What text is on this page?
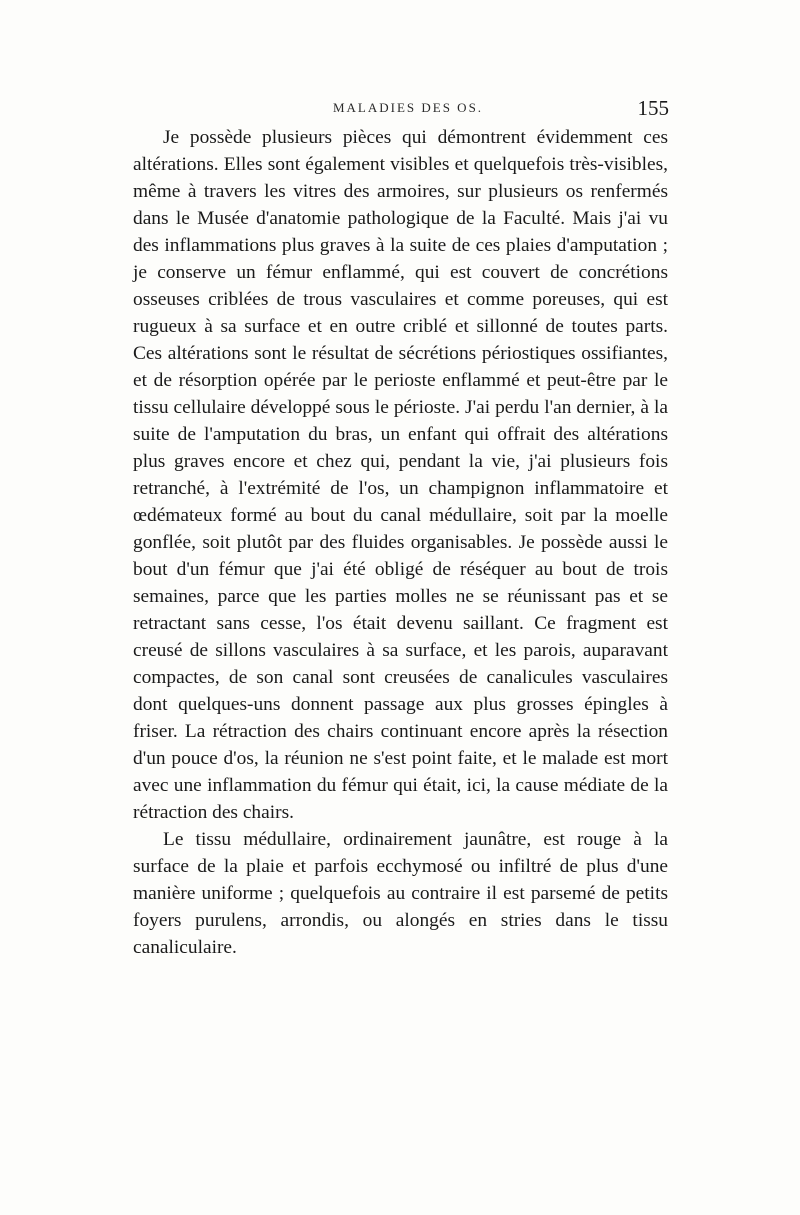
MALADIES DES OS.	155

Je possède plusieurs pièces qui démontrent évidemment ces altérations. Elles sont également visibles et quelquefois très-visibles, même à travers les vitres des armoires, sur plusieurs os renfermés dans le Musée d'anatomie pathologique de la Faculté. Mais j'ai vu des inflammations plus graves à la suite de ces plaies d'amputation ; je conserve un fémur enflammé, qui est couvert de concrétions osseuses criblées de trous vasculaires et comme poreuses, qui est rugueux à sa surface et en outre criblé et sillonné de toutes parts. Ces altérations sont le résultat de sécrétions périostiques ossifiantes, et de résorption opérée par le perioste enflammé et peut-être par le tissu cellulaire développé sous le périoste. J'ai perdu l'an dernier, à la suite de l'amputation du bras, un enfant qui offrait des altérations plus graves encore et chez qui, pendant la vie, j'ai plusieurs fois retranché, à l'extrémité de l'os, un champignon inflammatoire et œdémateux formé au bout du canal médullaire, soit par la moelle gonflée, soit plutôt par des fluides organisables. Je possède aussi le bout d'un fémur que j'ai été obligé de réséquer au bout de trois semaines, parce que les parties molles ne se réunissant pas et se retractant sans cesse, l'os était devenu saillant. Ce fragment est creusé de sillons vasculaires à sa surface, et les parois, auparavant compactes, de son canal sont creusées de canalicules vasculaires dont quelques-uns donnent passage aux plus grosses épingles à friser. La rétraction des chairs continuant encore après la résection d'un pouce d'os, la réunion ne s'est point faite, et le malade est mort avec une inflammation du fémur qui était, ici, la cause médiate de la rétraction des chairs.

Le tissu médullaire, ordinairement jaunâtre, est rouge à la surface de la plaie et parfois ecchymosé ou infiltré de plus d'une manière uniforme ; quelquefois au contraire il est parsemé de petits foyers purulens, arrondis, ou alongés en stries dans le tissu canaliculaire.
